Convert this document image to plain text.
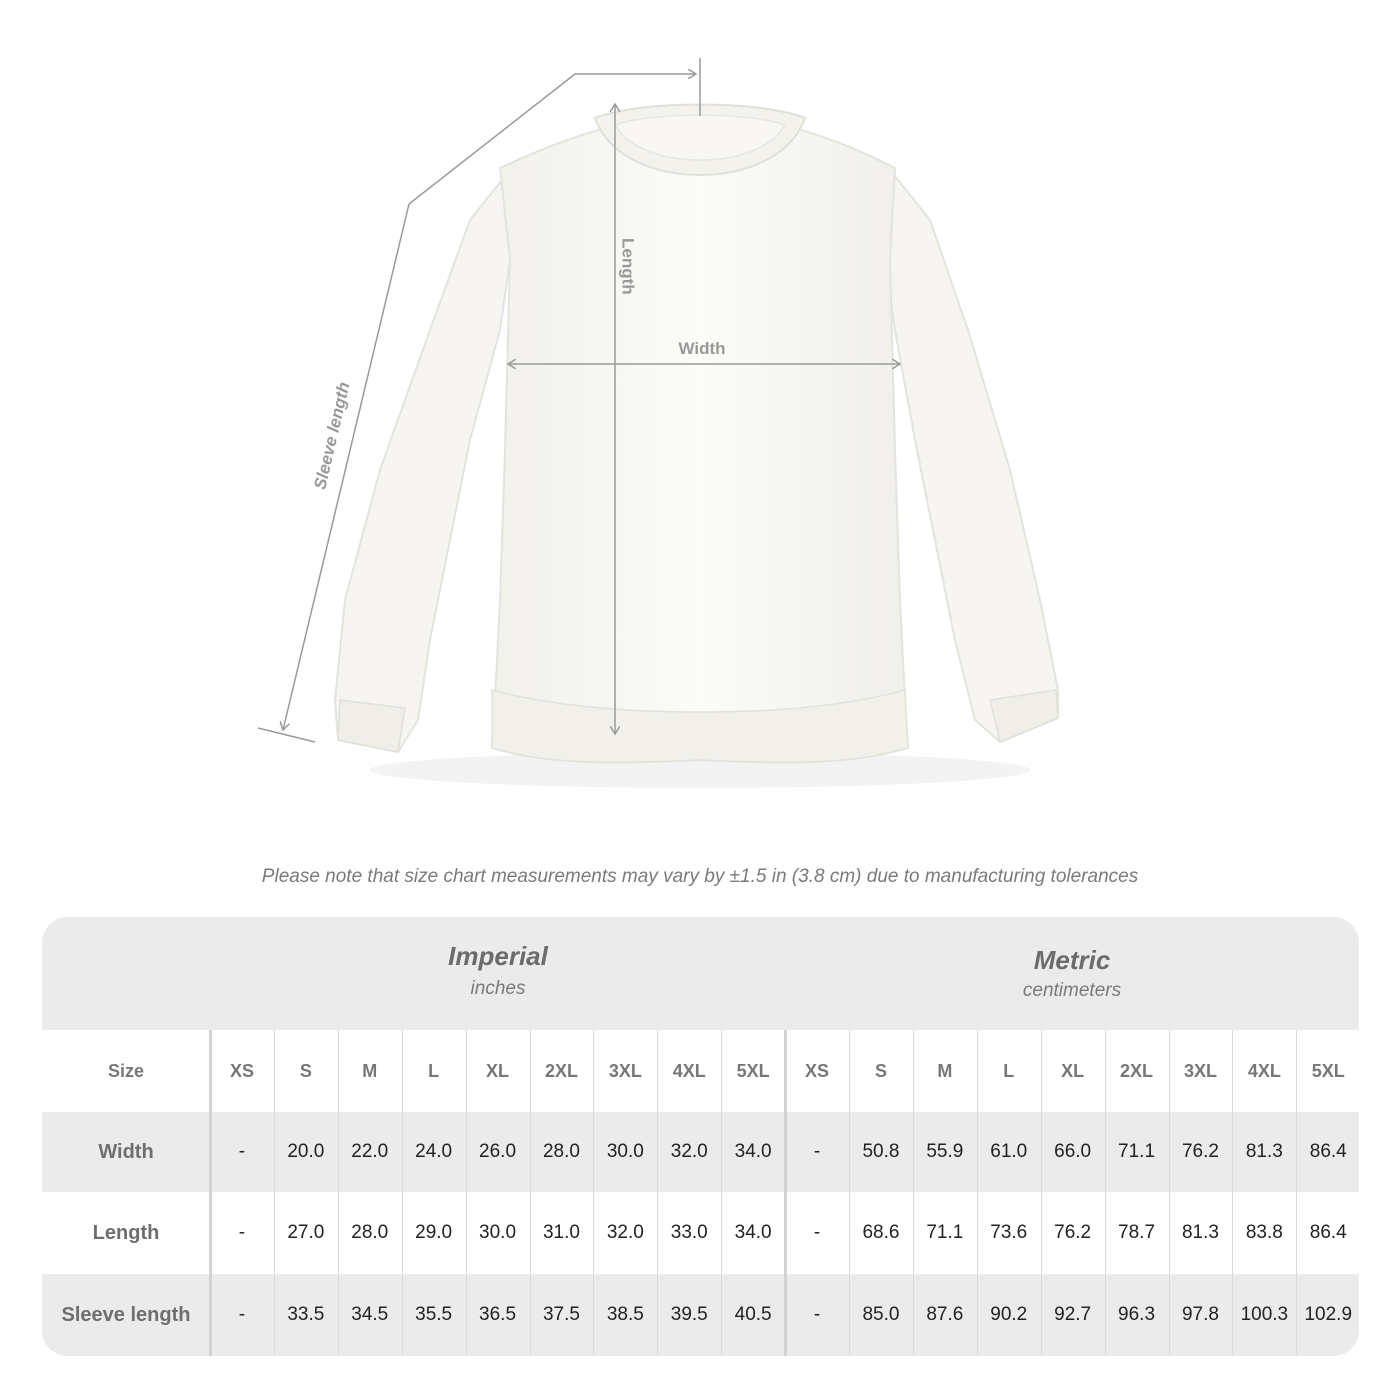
Length
Width
Sleeve length
Please note that size chart measurements may vary by ±1.5 in (3.8 cm) due to manufacturing tolerances
Imperial
inches
Metric
centimeters
Size	XS	S	M	L	XL	2XL	3XL	4XL	5XL	XS	S	M	L	XL	2XL	3XL	4XL	5XL
Width	-	20.0	22.0	24.0	26.0	28.0	30.0	32.0	34.0	-	50.8	55.9	61.0	66.0	71.1	76.2	81.3	86.4
Length	-	27.0	28.0	29.0	30.0	31.0	32.0	33.0	34.0	-	68.6	71.1	73.6	76.2	78.7	81.3	83.8	86.4
Sleeve length	-	33.5	34.5	35.5	36.5	37.5	38.5	39.5	40.5	-	85.0	87.6	90.2	92.7	96.3	97.8	100.3 102.9
